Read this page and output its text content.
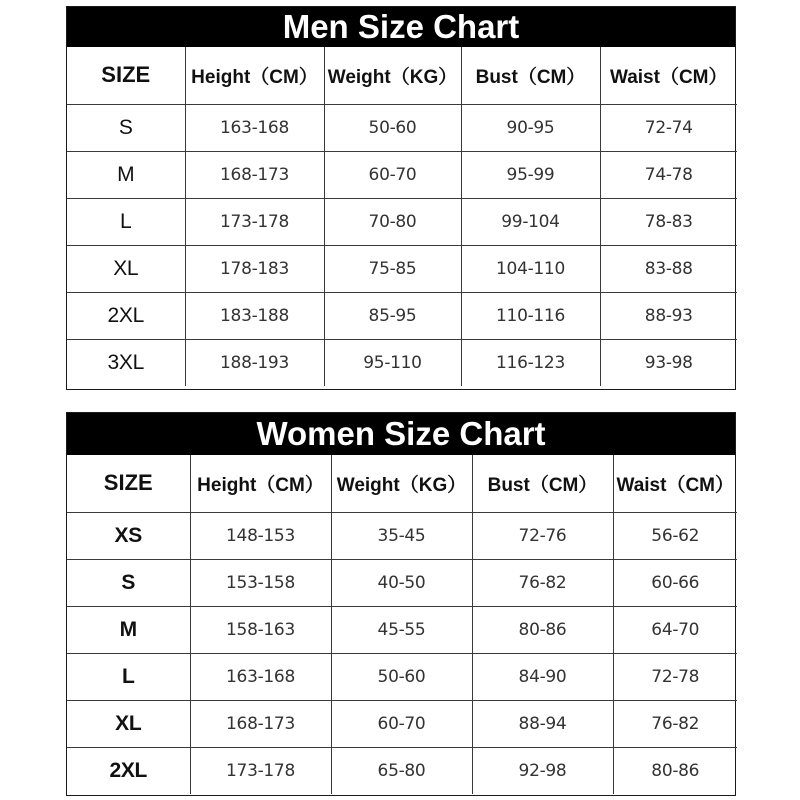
Men Size Chart
SIZE	Height（CM）	Weight（KG）	Bust（CM）	Waist（CM）
S	163-168	50-60	90-95	72-74
M	168-173	60-70	95-99	74-78
L	173-178	70-80	99-104	78-83
XL	178-183	75-85	104-110	83-88
2XL	183-188	85-95	110-116	88-93
3XL	188-193	95-110	116-123	93-98
Women Size Chart
SIZE	Height（CM）	Weight（KG）	Bust（CM）	Waist（CM）
XS	148-153	35-45	72-76	56-62
S	153-158	40-50	76-82	60-66
M	158-163	45-55	80-86	64-70
L	163-168	50-60	84-90	72-78
XL	168-173	60-70	88-94	76-82
2XL	173-178	65-80	92-98	80-86
